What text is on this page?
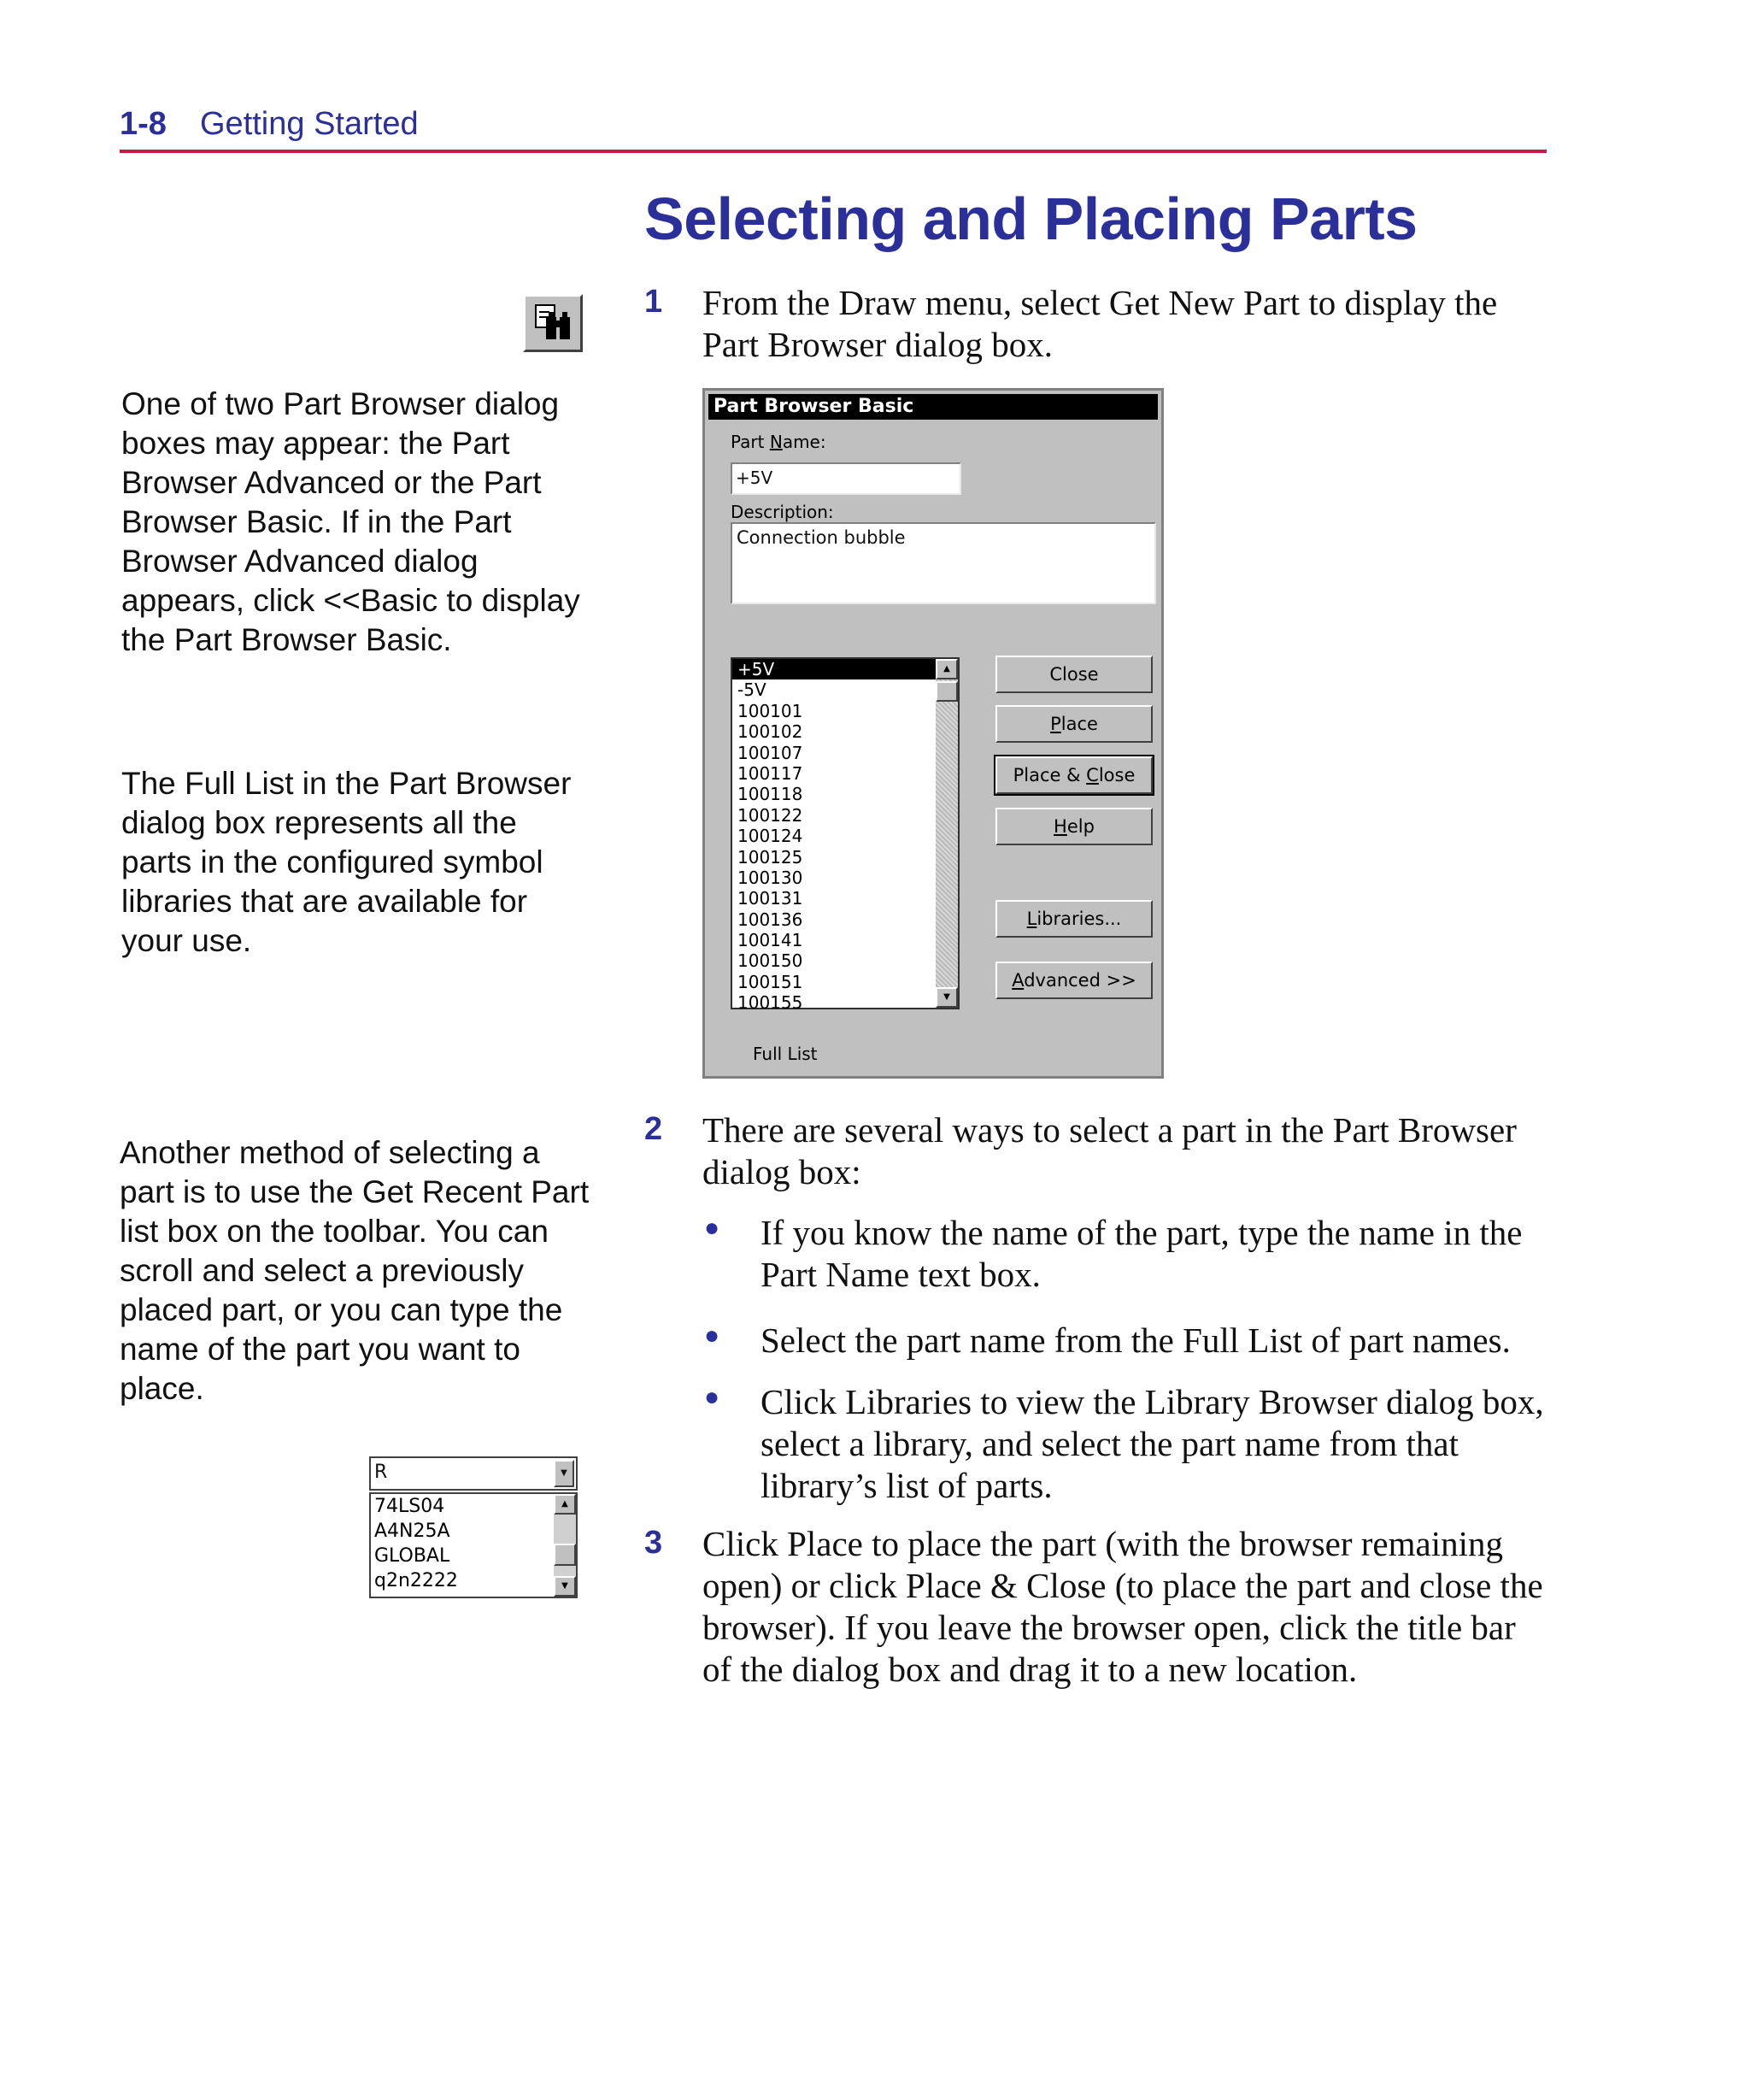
1-8 Getting Started
Selecting and Placing Parts
One of two Part Browser dialog
boxes may appear: the Part
Browser Advanced or the Part
Browser Basic. If in the Part
Browser Advanced dialog
appears, click <<Basic to display
the Part Browser Basic.
The Full List in the Part Browser
dialog box represents all the
parts in the configured symbol
libraries that are available for
your use.
Another method of selecting a
part is to use the Get Recent Part
list box on the toolbar. You can
scroll and select a previously
placed part, or you can type the
name of the part you want to
place.
1 From the Draw menu, select Get New Part to display the
Part Browser dialog box.
2 There are several ways to select a part in the Part Browser
dialog box:
● If you know the name of the part, type the name in the
Part Name text box.
● Select the part name from the Full List of part names.
● Click Libraries to view the Library Browser dialog box,
select a library, and select the part name from that
library’s list of parts.
3 Click Place to place the part (with the browser remaining
open) or click Place & Close (to place the part and close the
browser). If you leave the browser open, click the title bar
of the dialog box and drag it to a new location.
Part Browser Basic
Part Name:
+5V
Description:
Connection bubble
+5V
-5V
100101
100102
100107
100117
100118
100122
100124
100125
100130
100131
100136
100141
100150
100151
100155
▲
▼
Close
Place
Place & Close
Help
Libraries...
Advanced >>
Full List
R	▼
74LS04
A4N25A
GLOBAL
q2n2222
▲
▼
